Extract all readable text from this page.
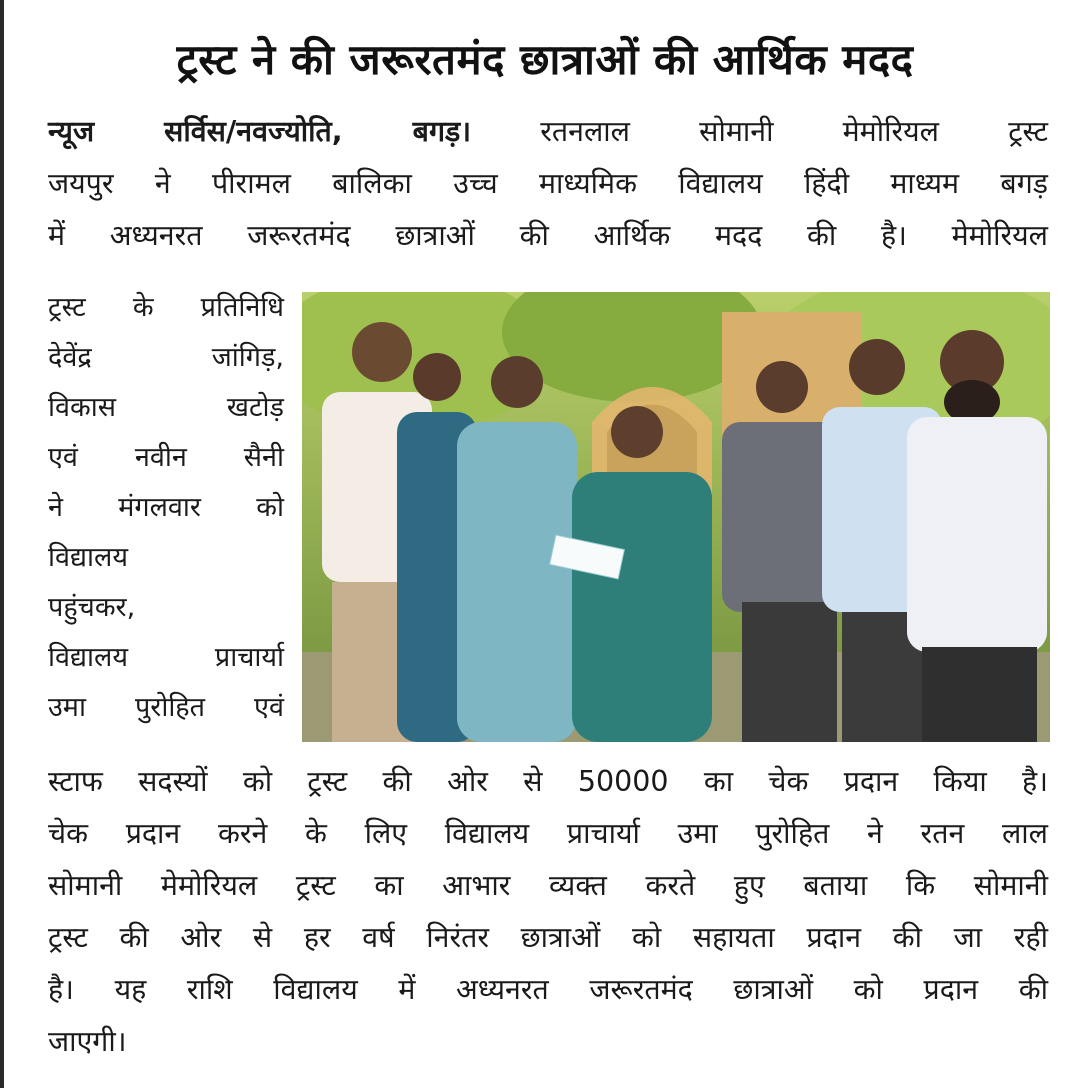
ट्रस्ट ने की जरूरतमंद छात्राओं की आर्थिक मदद
न्यूज सर्विस/नवज्योति, बगड़। रतनलाल सोमानी मेमोरियल ट्रस्ट
जयपुर ने पीरामल बालिका उच्च माध्यमिक विद्यालय हिंदी माध्यम बगड़
में अध्यनरत जरूरतमंद छात्राओं की आर्थिक मदद की है। मेमोरियल
ट्रस्ट के प्रतिनिधि
देवेंद्र जांगिड़,
विकास खटोड़
एवं नवीन सैनी
ने मंगलवार को
विद्यालय
पहुंचकर,
विद्यालय प्राचार्या
उमा पुरोहित एवं
स्टाफ सदस्यों को ट्रस्ट की ओर से 50000 का चेक प्रदान किया है।
चेक प्रदान करने के लिए विद्यालय प्राचार्या उमा पुरोहित ने रतन लाल
सोमानी मेमोरियल ट्रस्ट का आभार व्यक्त करते हुए बताया कि सोमानी
ट्रस्ट की ओर से हर वर्ष निरंतर छात्राओं को सहायता प्रदान की जा रही
है। यह राशि विद्यालय में अध्यनरत जरूरतमंद छात्राओं को प्रदान की
जाएगी।
